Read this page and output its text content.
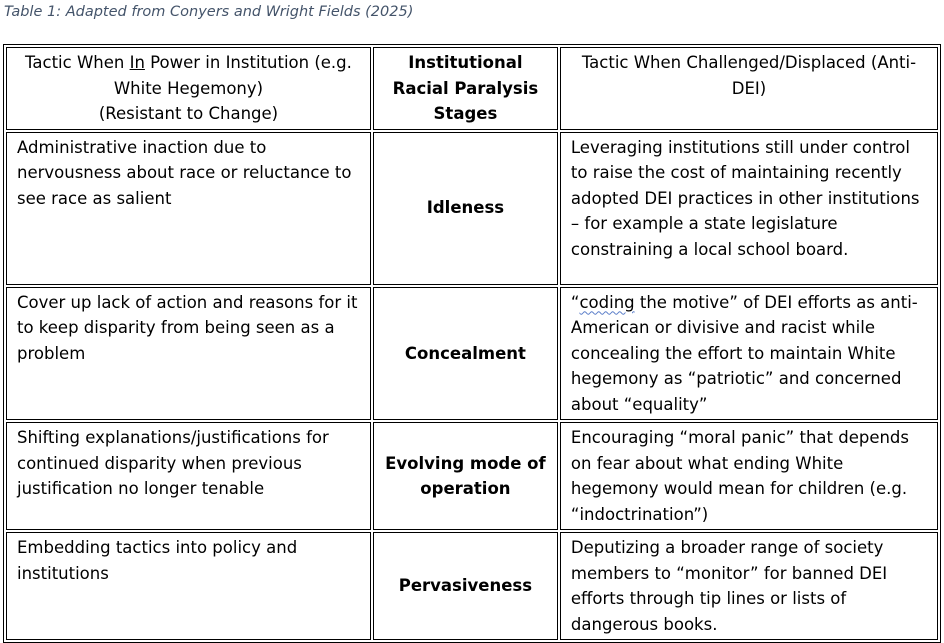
Table 1: Adapted from Conyers and Wright Fields (2025)
Tactic When In Power in Institution (e.g. White Hegemony)
(Resistant to Change)	Institutional Racial Paralysis Stages	Tactic When Challenged/Displaced (Anti-DEI)
Administrative inaction due to nervousness about race or reluctance to see race as salient	Idleness	Leveraging institutions still under control to raise the cost of maintaining recently adopted DEI practices in other institutions – for example a state legislature constraining a local school board.
Cover up lack of action and reasons for it to keep disparity from being seen as a problem	Concealment	“coding the motive” of DEI efforts as anti-American or divisive and racist while concealing the effort to maintain White hegemony as “patriotic” and concerned about “equality”
Shifting explanations/justifications for continued disparity when previous justification no longer tenable	Evolving mode of operation	Encouraging “moral panic” that depends on fear about what ending White hegemony would mean for children (e.g. “indoctrination”)
Embedding tactics into policy and institutions	Pervasiveness	Deputizing a broader range of society members to “monitor” for banned DEI efforts through tip lines or lists of dangerous books.
